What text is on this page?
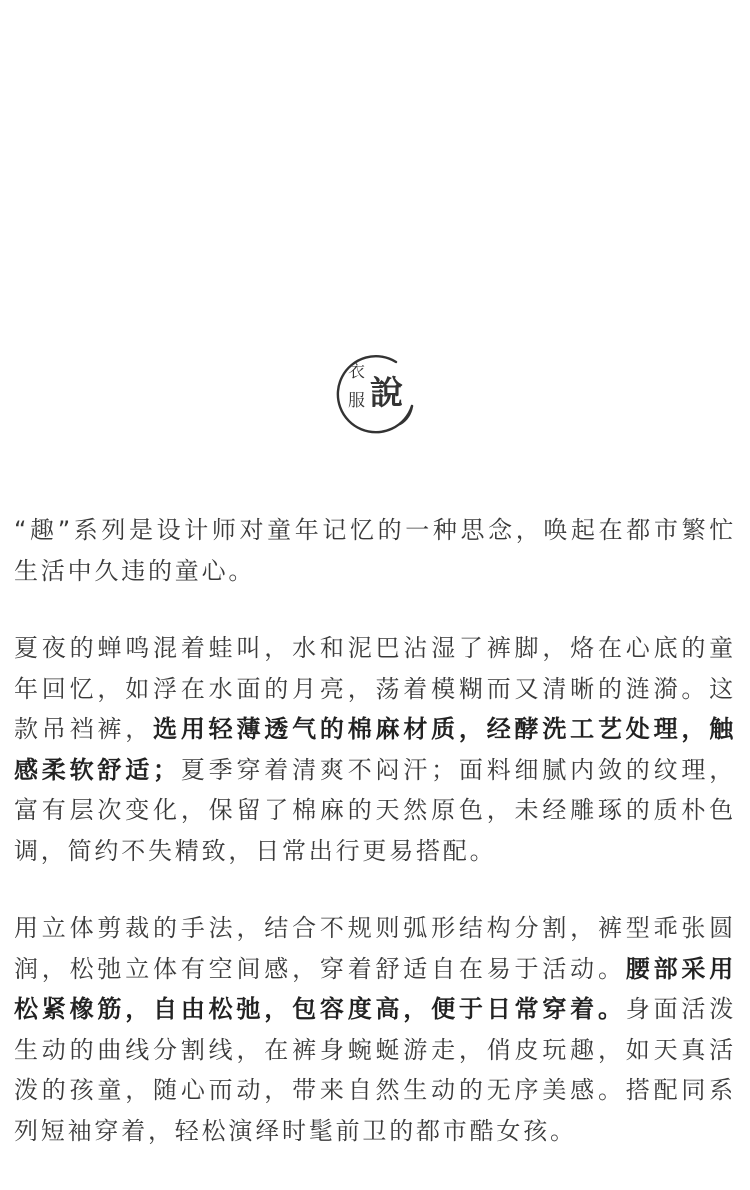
衣
服 說

“趣”系列是设计师对童年记忆的一种思念，唤起在都市繁忙生活中久违的童心。

夏夜的蝉鸣混着蛙叫，水和泥巴沾湿了裤脚，烙在心底的童年回忆，如浮在水面的月亮，荡着模糊而又清晰的涟漪。这款吊裆裤，选用轻薄透气的棉麻材质，经酵洗工艺处理，触感柔软舒适；夏季穿着清爽不闷汗；面料细腻内敛的纹理，富有层次变化，保留了棉麻的天然原色，未经雕琢的质朴色调，简约不失精致，日常出行更易搭配。

用立体剪裁的手法，结合不规则弧形结构分割，裤型乖张圆润，松弛立体有空间感，穿着舒适自在易于活动。腰部采用松紧橡筋，自由松弛，包容度高，便于日常穿着。身面活泼生动的曲线分割线，在裤身蜿蜒游走，俏皮玩趣，如天真活泼的孩童，随心而动，带来自然生动的无序美感。搭配同系列短袖穿着，轻松演绎时髦前卫的都市酷女孩。
